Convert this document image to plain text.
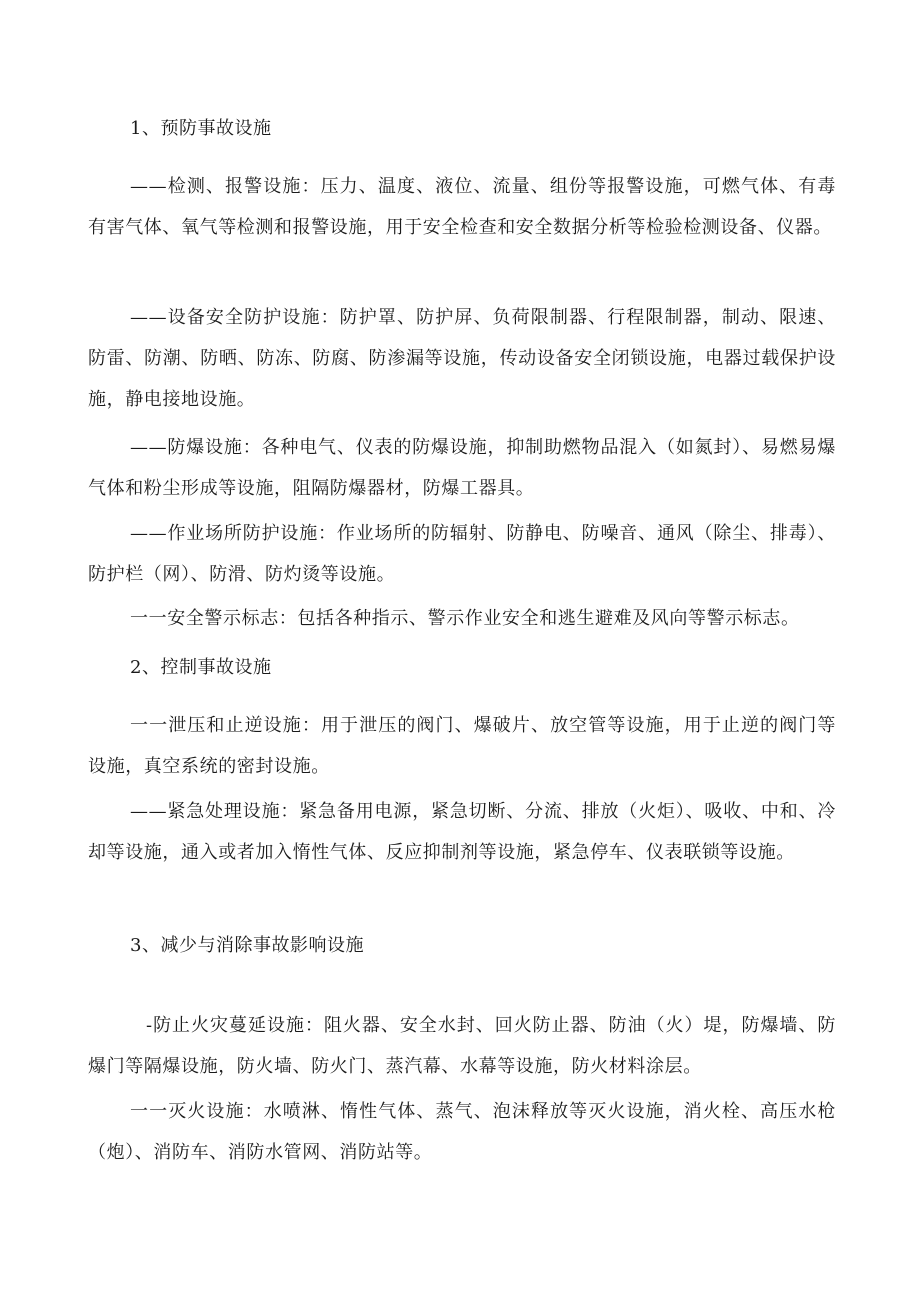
1、预防事故设施

——检测、报警设施：压力、温度、液位、流量、组份等报警设施，可燃气体、有毒有害气体、氧气等检测和报警设施，用于安全检查和安全数据分析等检验检测设备、仪器。

——设备安全防护设施：防护罩、防护屏、负荷限制器、行程限制器，制动、限速、防雷、防潮、防晒、防冻、防腐、防渗漏等设施，传动设备安全闭锁设施，电器过载保护设施，静电接地设施。

——防爆设施：各种电气、仪表的防爆设施，抑制助燃物品混入（如氮封）、易燃易爆气体和粉尘形成等设施，阻隔防爆器材，防爆工器具。

——作业场所防护设施：作业场所的防辐射、防静电、防噪音、通风（除尘、排毒）、防护栏（网）、防滑、防灼烫等设施。

一一安全警示标志：包括各种指示、警示作业安全和逃生避难及风向等警示标志。

2、控制事故设施

一一泄压和止逆设施：用于泄压的阀门、爆破片、放空管等设施，用于止逆的阀门等设施，真空系统的密封设施。

——紧急处理设施：紧急备用电源，紧急切断、分流、排放（火炬）、吸收、中和、冷却等设施，通入或者加入惰性气体、反应抑制剂等设施，紧急停车、仪表联锁等设施。

3、减少与消除事故影响设施

-防止火灾蔓延设施：阻火器、安全水封、回火防止器、防油（火）堤，防爆墙、防爆门等隔爆设施，防火墙、防火门、蒸汽幕、水幕等设施，防火材料涂层。

一一灭火设施：水喷淋、惰性气体、蒸气、泡沫释放等灭火设施，消火栓、高压水枪（炮）、消防车、消防水管网、消防站等。
